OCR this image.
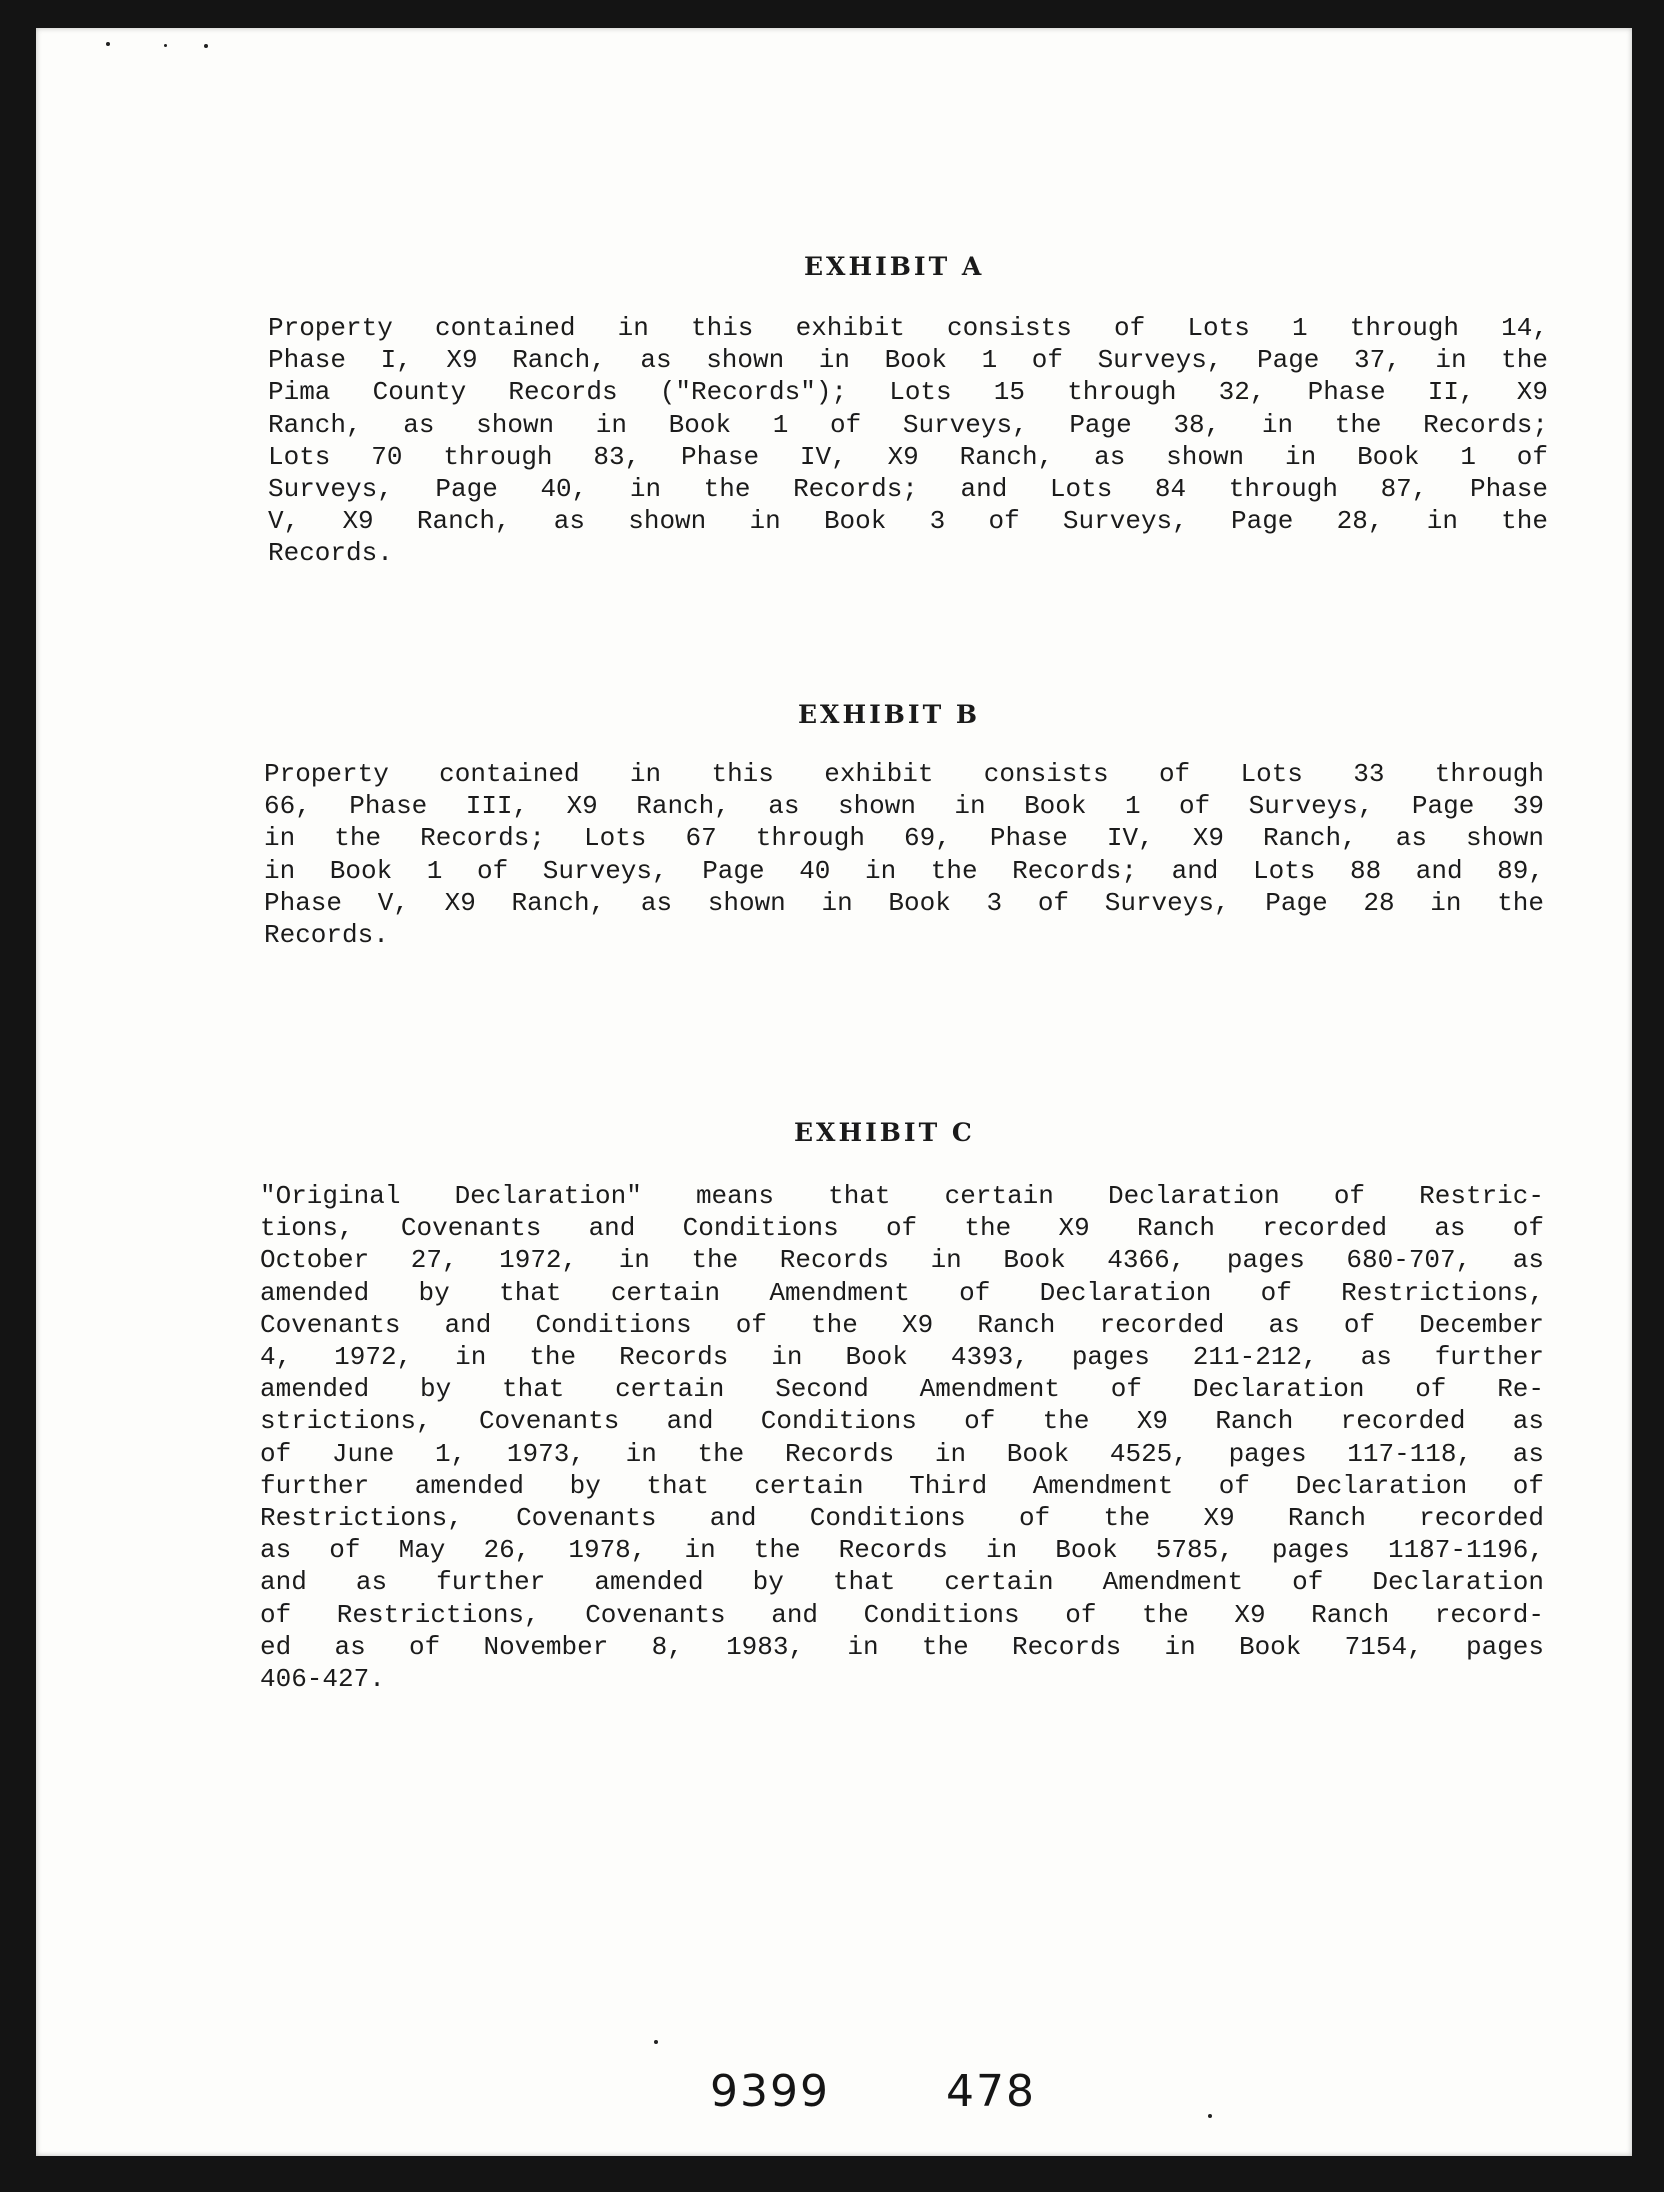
EXHIBIT A
Property contained in this exhibit consists of Lots 1 through 14,
Phase I, X9 Ranch, as shown in Book 1 of Surveys, Page 37, in the
Pima County Records ("Records"); Lots 15 through 32, Phase II, X9
Ranch, as shown in Book 1 of Surveys, Page 38, in the Records;
Lots 70 through 83, Phase IV, X9 Ranch, as shown in Book 1 of
Surveys, Page 40, in the Records; and Lots 84 through 87, Phase
V, X9 Ranch, as shown in Book 3 of Surveys, Page 28, in the
Records.
EXHIBIT B
Property contained in this exhibit consists of Lots 33 through
66, Phase III, X9 Ranch, as shown in Book 1 of Surveys, Page 39
in the Records; Lots 67 through 69, Phase IV, X9 Ranch, as shown
in Book 1 of Surveys, Page 40 in the Records; and Lots 88 and 89,
Phase V, X9 Ranch, as shown in Book 3 of Surveys, Page 28 in the
Records.
EXHIBIT C
"Original Declaration" means that certain Declaration of Restric-
tions, Covenants and Conditions of the X9 Ranch recorded as of
October 27, 1972, in the Records in Book 4366, pages 680-707, as
amended by that certain Amendment of Declaration of Restrictions,
Covenants and Conditions of the X9 Ranch recorded as of December
4, 1972, in the Records in Book 4393, pages 211-212, as further
amended by that certain Second Amendment of Declaration of Re-
strictions, Covenants and Conditions of the X9 Ranch recorded as
of June 1, 1973, in the Records in Book 4525, pages 117-118, as
further amended by that certain Third Amendment of Declaration of
Restrictions, Covenants and Conditions of the X9 Ranch recorded
as of May 26, 1978, in the Records in Book 5785, pages 1187-1196,
and as further amended by that certain Amendment of Declaration
of Restrictions, Covenants and Conditions of the X9 Ranch record-
ed as of November 8, 1983, in the Records in Book 7154, pages
406-427.
9399	478
